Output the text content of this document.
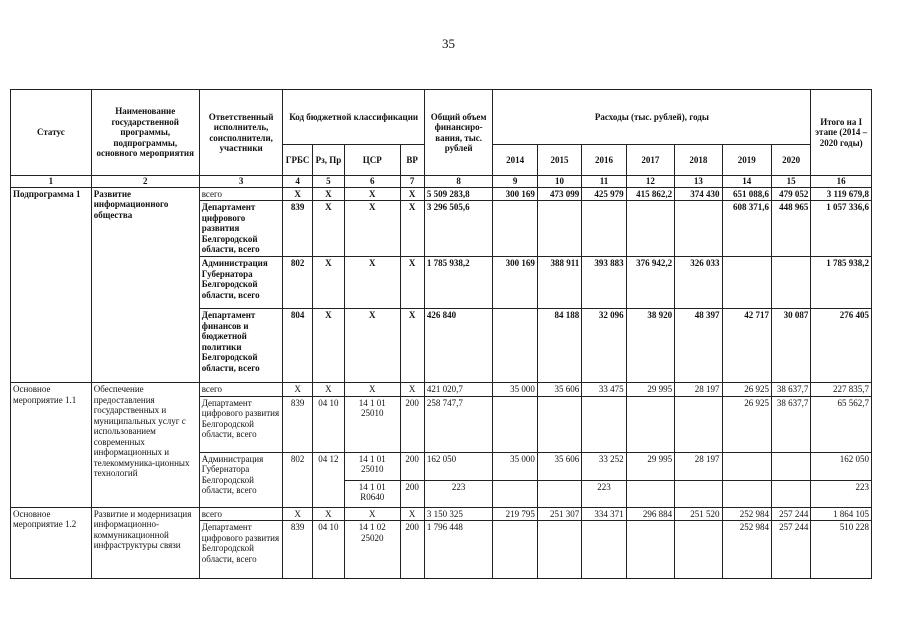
35
Статус	Наименование государственной программы, подпрограммы, основного мероприятия	Ответственный исполнитель, соисполнители, участники	Код бюджетной классификации				Общий объем финансиро-вания, тыс. рублей	Расходы (тыс. рублей), годы							Итого на I этапе (2014 – 2020 годы)
			ГРБС	Рз, Пр	ЦСР	ВР		2014	2015	2016	2017	2018	2019	2020	
1	2	3	4	5	6	7	8	9	10	11	12	13	14	15	16
Подпрограмма 1	Развитие информационного общества	всего	X	X	X	X	5 509 283,8	300 169	473 099	425 979	415 862,2	374 430	651 088,6	479 052	3 119 679,8
		Департамент цифрового развития Белгородской области, всего	839	X	X	X	3 296 505,6						608 371,6	448 965	1 057 336,6
		Администрация Губернатора Белгородской области, всего	802	X	X	X	1 785 938,2	300 169	388 911	393 883	376 942,2	326 033			1 785 938,2
		Департамент финансов и бюджетной политики Белгородской области, всего	804	X	X	X	426 840		84 188	32 096	38 920	48 397	42 717	30 087	276 405
Основное мероприятие 1.1	Обеспечение предоставления государственных и муниципальных услуг с использованием современных информационных и телекоммуника-ционных технологий	всего	X	X	X	X	421 020,7	35 000	35 606	33 475	29 995	28 197	26 925	38 637,7	227 835,7
		Департамент цифрового развития Белгородской области, всего	839	04 10	14 1 01 25010	200	258 747,7						26 925	38 637,7	65 562,7
		Администрация Губернатора Белгородской области, всего	802	04 12	14 1 01 25010	200	162 050	35 000	35 606	33 252	29 995	28 197			162 050
					14 1 01 R0640	200	223			223					223
Основное мероприятие 1.2	Развитие и модернизация информационно-коммуникационной инфраструктуры связи	всего	X	X	X	X	3 150 325	219 795	251 307	334 371	296 884	251 520	252 984	257 244	1 864 105
		Департамент цифрового развития Белгородской области, всего	839	04 10	14 1 02 25020	200	1 796 448						252 984	257 244	510 228
